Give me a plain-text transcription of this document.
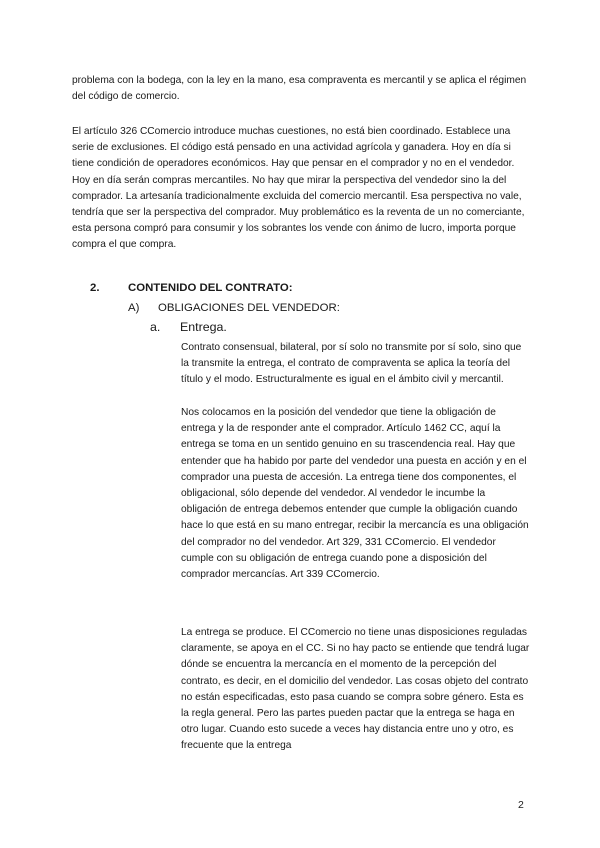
problema con la bodega, con la ley en la mano, esa compraventa es mercantil y se aplica el régimen del código de comercio.

El artículo 326 CComercio introduce muchas cuestiones, no está bien coordinado. Establece una serie de exclusiones. El código está pensado en una actividad agrícola y ganadera. Hoy en día si tiene condición de operadores económicos. Hay que pensar en el comprador y no en el vendedor. Hoy en día serán compras mercantiles. No hay que mirar la perspectiva del vendedor sino la del comprador. La artesanía tradicionalmente excluida del comercio mercantil. Esa perspectiva no vale, tendría que ser la perspectiva del comprador. Muy problemático es la reventa de un no comerciante, esta persona compró para consumir y los sobrantes los vende con ánimo de lucro, importa porque compra el que compra.

2.	CONTENIDO DEL CONTRATO:
A) OBLIGACIONES DEL VENDEDOR:
a. Entrega.

Contrato consensual, bilateral, por sí solo no transmite por sí solo, sino que la transmite la entrega, el contrato de compraventa se aplica la teoría del título y el modo. Estructuralmente es igual en el ámbito civil y mercantil.

Nos colocamos en la posición del vendedor que tiene la obligación de entrega y la de responder ante el comprador. Artículo 1462 CC, aquí la entrega se toma en un sentido genuino en su trascendencia real. Hay que entender que ha habido por parte del vendedor una puesta en acción y en el comprador una puesta de accesión. La entrega tiene dos componentes, el obligacional, sólo depende del vendedor. Al vendedor le incumbe la obligación de entrega debemos entender que cumple la obligación cuando hace lo que está en su mano entregar, recibir la mercancía es una obligación del comprador no del vendedor. Art 329, 331 CComercio. El vendedor cumple con su obligación de entrega cuando pone a disposición del comprador mercancías. Art 339 CComercio.

La entrega se produce. El CComercio no tiene unas disposiciones reguladas claramente, se apoya en el CC. Si no hay pacto se entiende que tendrá lugar dónde se encuentra la mercancía en el momento de la percepción del contrato, es decir, en el domicilio del vendedor. Las cosas objeto del contrato no están especificadas, esto pasa cuando se compra sobre género. Esta es la regla general. Pero las partes pueden pactar que la entrega se haga en otro lugar. Cuando esto sucede a veces hay distancia entre uno y otro, es frecuente que la entrega

2
